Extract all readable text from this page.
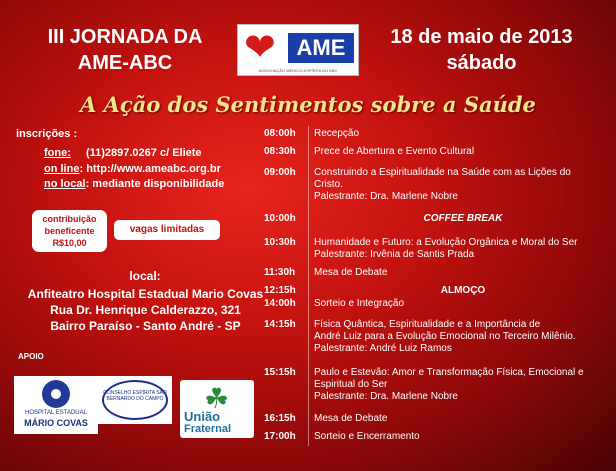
III JORNADA DA
AME-ABC	❤ AME
ASSOCIAÇÃO MÉDICO-ESPÍRITA DO ABC
18 de maio de 2013
sábado
A Ação dos Sentimentos sobre a Saúde
inscrições :
fone: (11)2897.0267 c/ Eliete
on line: http://www.ameabc.org.br
no local: mediante disponibilidade
contribuição
beneficente
R$10,00
vagas limitadas
local:
Anfiteatro Hospital Estadual Mario Covas
Rua Dr. Henrique Calderazzo, 321
Bairro Paraíso - Santo André - SP
APOIO
HOSPITAL ESTADUAL
MÁRIO COVAS
CONSELHO ESPÍRITA SÃO BERNARDO DO CAMPO	☘
União
Fraternal
08:00h	Recepção
08:30h	Prece de Abertura e Evento Cultural
09:00h	Construindo a Espiritualidade na Saúde com as Lições do
Cristo.
Palestrante: Dra. Marlene Nobre
10:00h	COFFEE BREAK
10:30h	Humanidade e Futuro: a Evolução Orgânica e Moral do Ser
Palestrante: Irvênia de Santis Prada
11:30h	Mesa de Debate
12:15h	ALMOÇO
14:00h	Sorteio e Integração
14:15h	Física Quântica, Espiritualidade e a Importância de
André Luiz para a Evolução Emocional no Terceiro Milênio.
Palestrante: André Luiz Ramos
15:15h	Paulo e Estevão: Amor e Transformação Física, Emocional e
Espiritual do Ser
Palestrante: Dra. Marlene Nobre
16:15h	Mesa de Debate
17:00h	Sorteio e Encerramento
